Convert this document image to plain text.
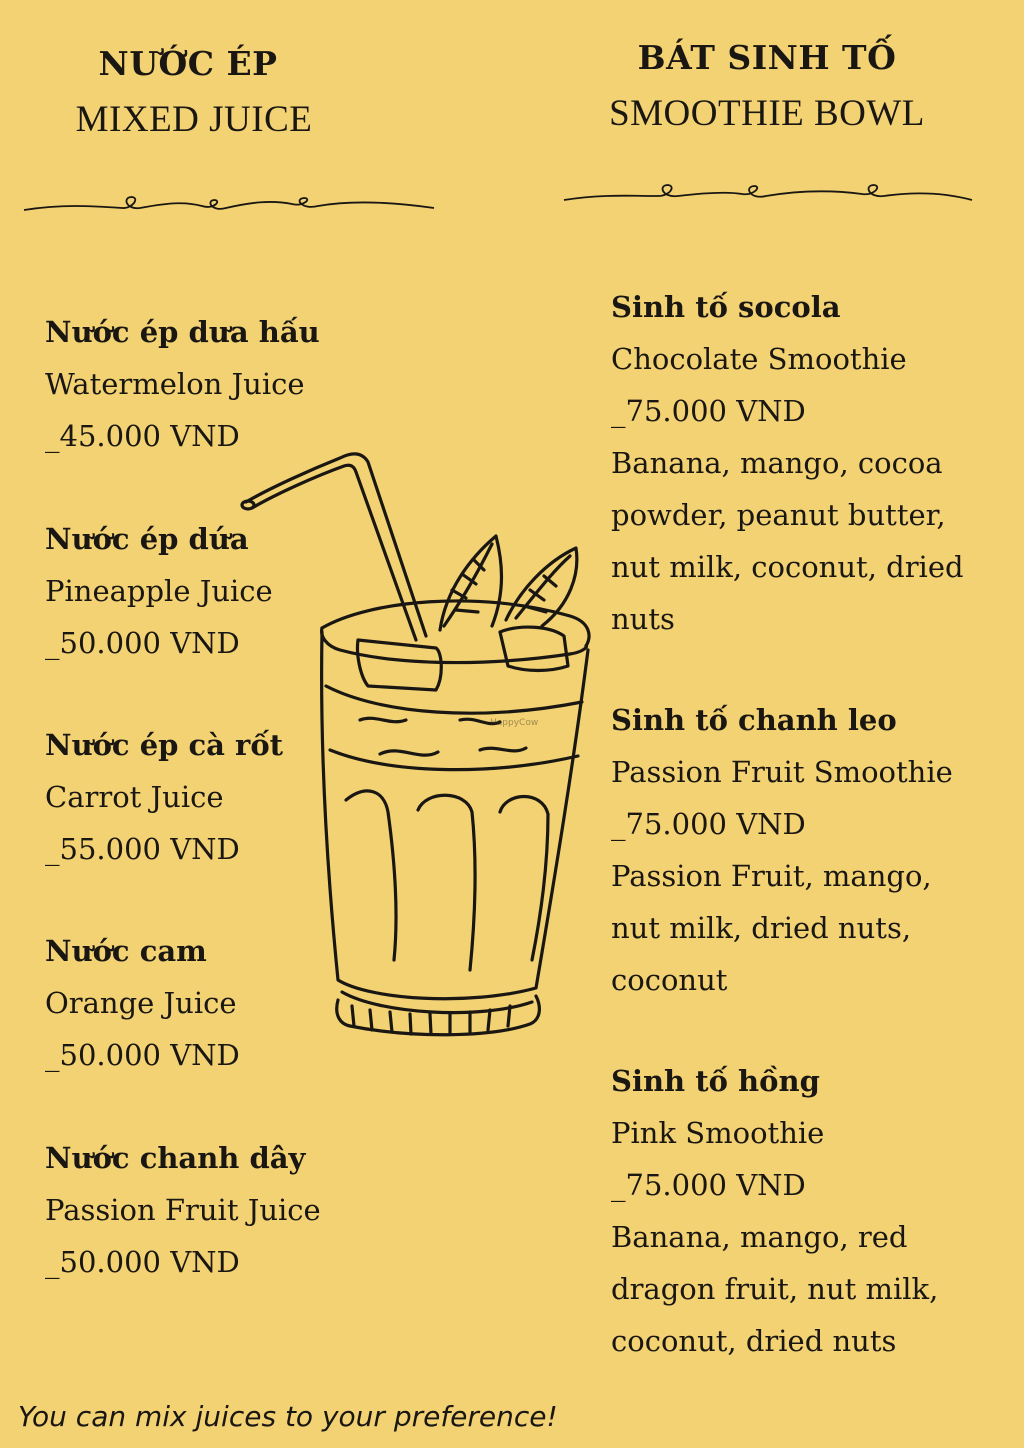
NƯỚC ÉP
MIXED JUICE
BÁT SINH TỐ
SMOOTHIE BOWL
Nước ép dưa hấu
Watermelon Juice
_45.000 VND
Nước ép dứa
Pineapple Juice
_50.000 VND
Nước ép cà rốt
Carrot Juice
_55.000 VND
Nước cam
Orange Juice
_50.000 VND
Nước chanh dây
Passion Fruit Juice
_50.000 VND
Sinh tố socola
Chocolate Smoothie
_75.000 VND
Banana, mango, cocoa
powder, peanut butter,
nut milk, coconut, dried
nuts
Sinh tố chanh leo
Passion Fruit Smoothie
_75.000 VND
Passion Fruit, mango,
nut milk, dried nuts,
coconut
Sinh tố hồng
Pink Smoothie
_75.000 VND
Banana, mango, red
dragon fruit, nut milk,
coconut, dried nuts
HappyCow
You can mix juices to your preference!
